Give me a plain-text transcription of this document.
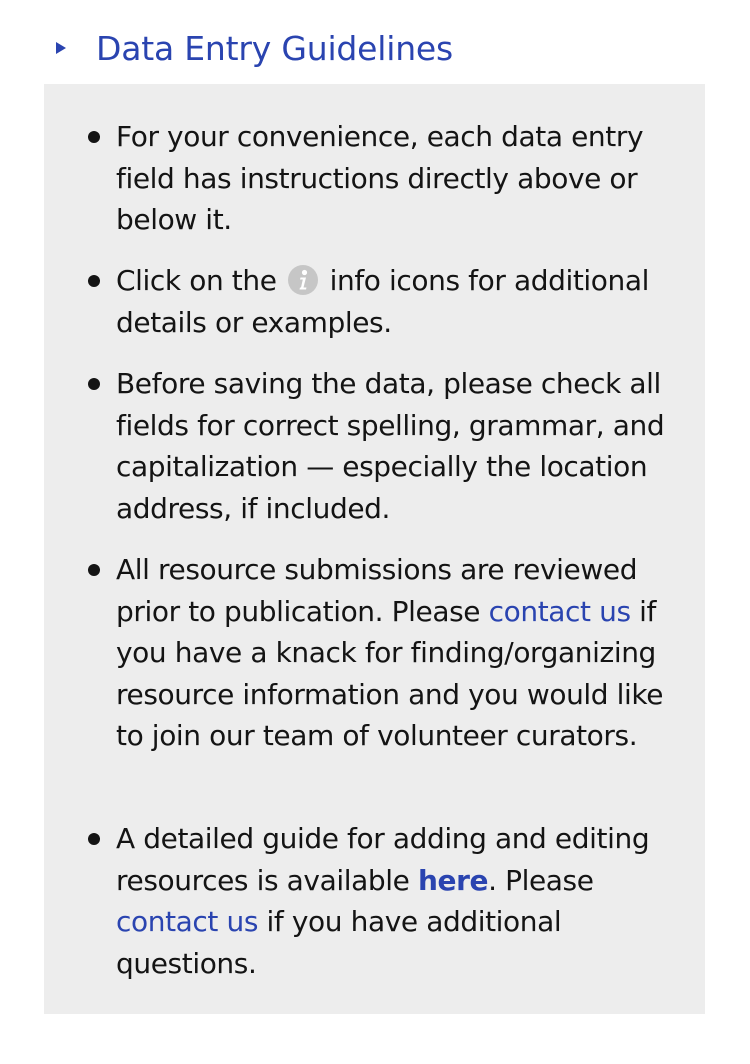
Data Entry Guidelines
For your convenience, each data entry field has instructions directly above or below it.
Click on the info icons for additional details or examples.
Before saving the data, please check all fields for correct spelling, grammar, and capitalization — especially the location address, if included.
All resource submissions are reviewed prior to publication. Please contact us if you have a knack for finding/organizing resource information and you would like to join our team of volunteer curators.
A detailed guide for adding and editing resources is available here. Please contact us if you have additional questions.
